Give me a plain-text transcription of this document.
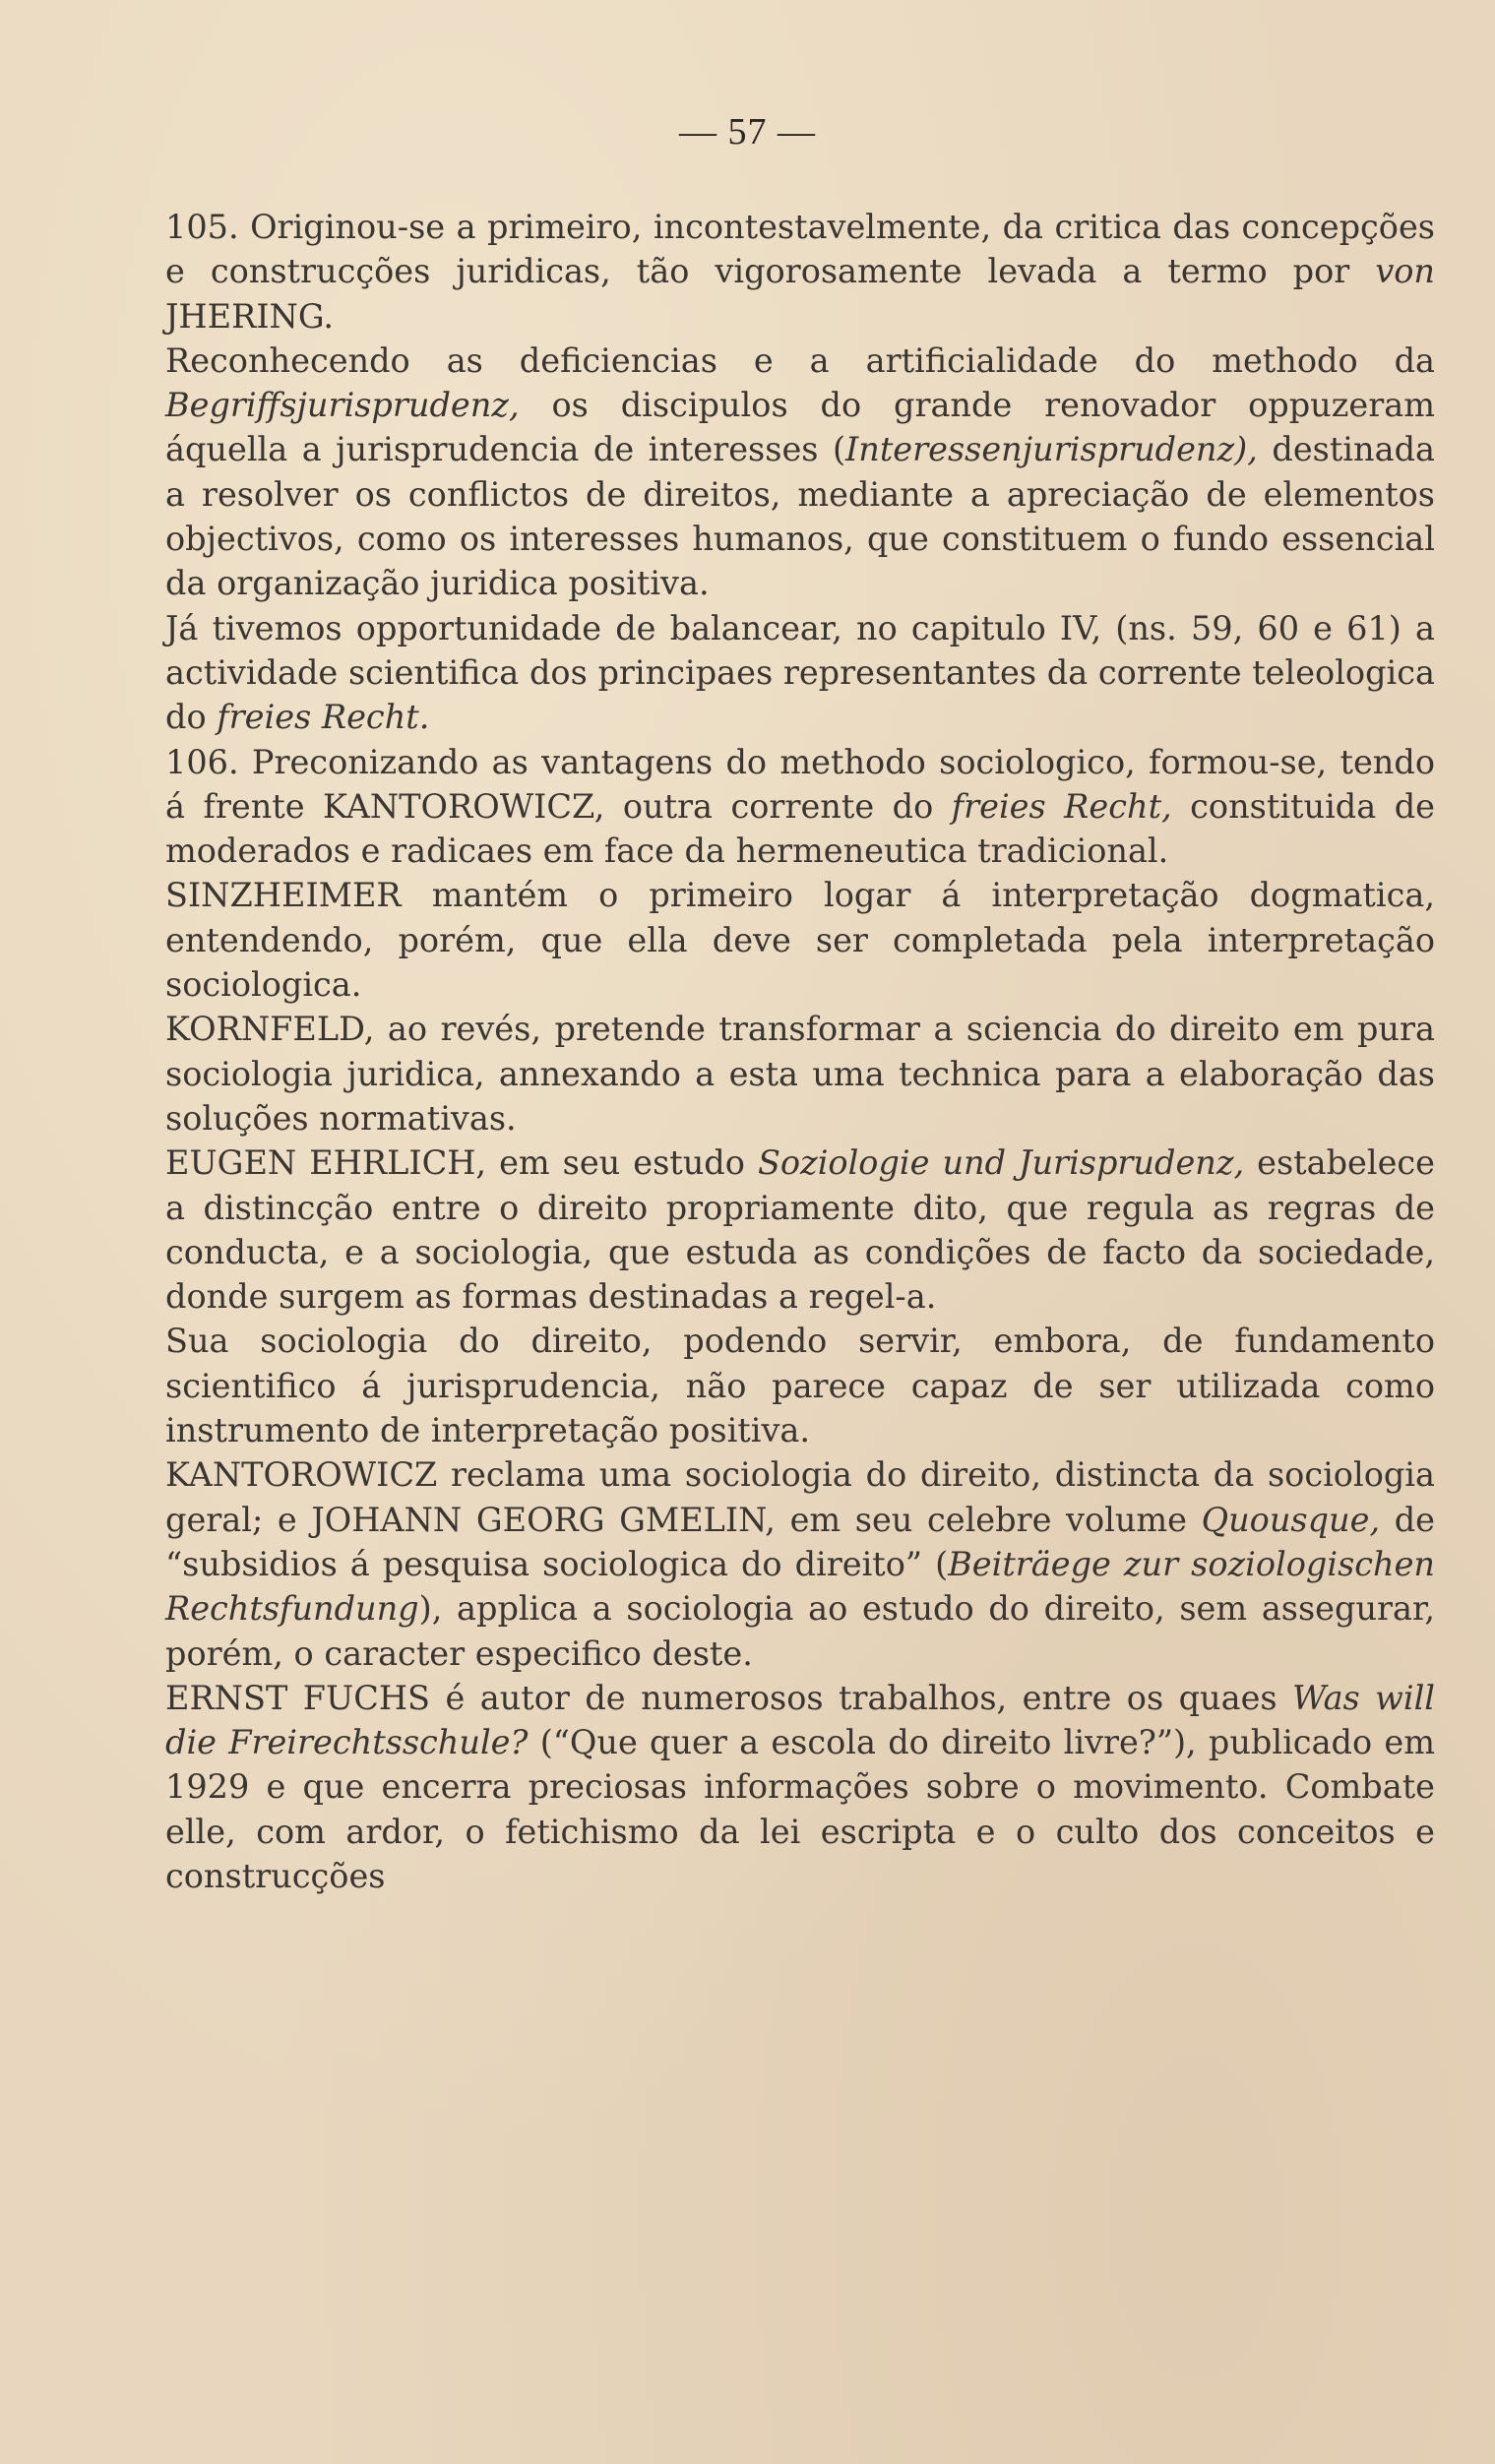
— 57 —

105. Originou-se a primeiro, incontestavelmente, da critica das concepções e construcções juridicas, tão vigorosamente levada a termo por von JHERING.

Reconhecendo as deficiencias e a artificialidade do methodo da Begriffsjurisprudenz, os discipulos do grande renovador oppuzeram áquella a jurisprudencia de interesses (Interessenjurisprudenz), destinada a resolver os conflictos de direitos, mediante a apreciação de elementos objectivos, como os interesses humanos, que constituem o fundo essencial da organização juridica positiva.

Já tivemos opportunidade de balancear, no capitulo IV, (ns. 59, 60 e 61) a actividade scientifica dos principaes representantes da corrente teleologica do freies Recht.

106. Preconizando as vantagens do methodo sociologico, formou-se, tendo á frente KANTOROWICZ, outra corrente do freies Recht, constituida de moderados e radicaes em face da hermeneutica tradicional.

SINZHEIMER mantém o primeiro logar á interpretação dogmatica, entendendo, porém, que ella deve ser completada pela interpretação sociologica.

KORNFELD, ao revés, pretende transformar a sciencia do direito em pura sociologia juridica, annexando a esta uma technica para a elaboração das soluções normativas.

EUGEN EHRLICH, em seu estudo Soziologie und Jurisprudenz, estabelece a distincção entre o direito propriamente dito, que regula as regras de conducta, e a sociologia, que estuda as condições de facto da sociedade, donde surgem as formas destinadas a regel-a.

Sua sociologia do direito, podendo servir, embora, de fundamento scientifico á jurisprudencia, não parece capaz de ser utilizada como instrumento de interpretação positiva.

KANTOROWICZ reclama uma sociologia do direito, distincta da sociologia geral; e JOHANN GEORG GMELIN, em seu celebre volume Quousque, de “subsidios á pesquisa sociologica do direito” (Beiträege zur soziologischen Rechtsfundung), applica a sociologia ao estudo do direito, sem assegurar, porém, o caracter especifico deste.

ERNST FUCHS é autor de numerosos trabalhos, entre os quaes Was will die Freirechtsschule? (“Que quer a escola do direito livre?”), publicado em 1929 e que encerra preciosas informações sobre o movimento. Combate elle, com ardor, o fetichismo da lei escripta e o culto dos conceitos e construcções
